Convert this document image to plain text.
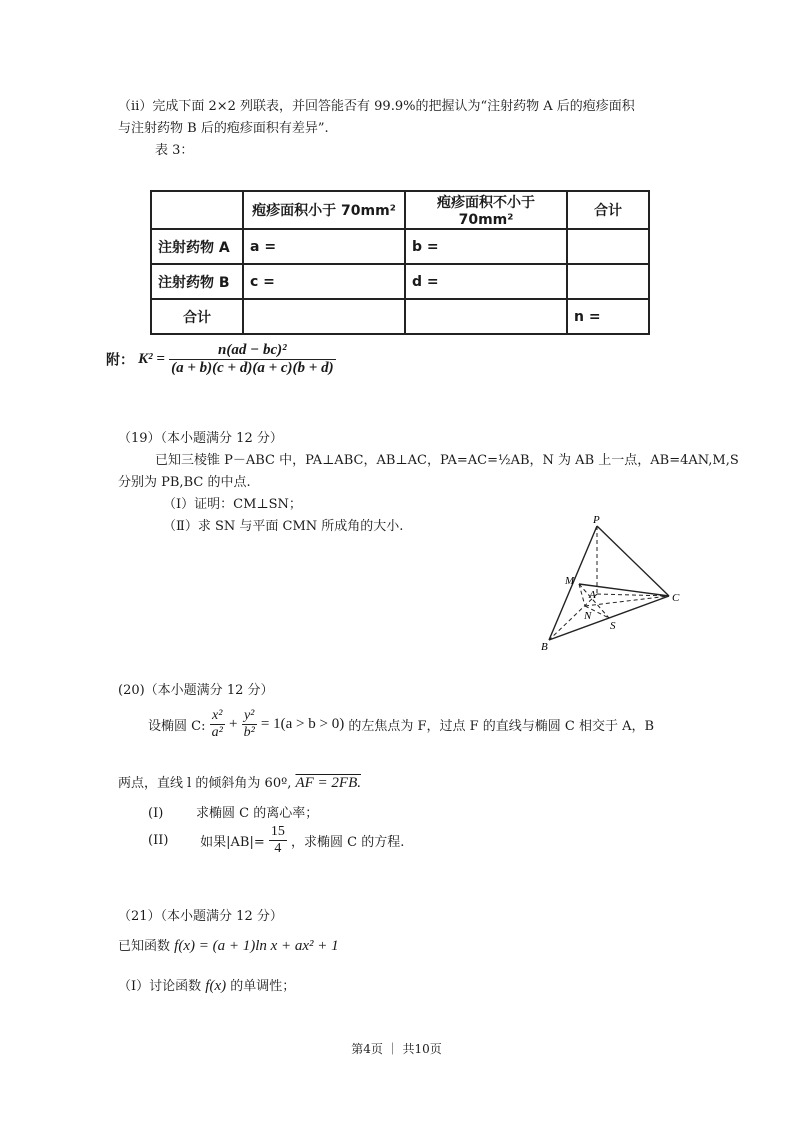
（ⅱ）完成下面 2×2 列联表，并回答能否有 99.9%的把握认为“注射药物 A 后的疱疹面积
与注射药物 B 后的疱疹面积有差异”.
表 3：
	疱疹面积小于 70mm²	疱疹面积不小于 70mm²	合计
注射药物 A	a =	b =	
注射药物 B	c =	d =	
合计			n =
附： $K^2 = \frac{\text{n(ad − bc)²}}{(a + b)(c + d)(a + c)(b + d)}$
（19）（本小题满分 12 分）
已知三棱锥 P－ABC 中，PA⊥ABC，AB⊥AC，PA=AC=½AB，N 为 AB 上一点，AB=4AN,M,S
分别为 PB,BC 的中点.
（Ⅰ）证明：CM⊥SN；
（Ⅱ）求 SN 与平面 CMN 所成角的大小.	P
M
A	C
N
S
B
(20)（本小题满分 12 分）
设椭圆 C: $\frac{\text{x²}}{\text{a²}} + \frac{\text{y²}}{\text{b²}} = 1(a > b > 0)$ 的左焦点为 F，过点 F 的直线与椭圆 C 相交于 A，B
两点，直线 l 的倾斜角为 60º, AF = 2FB.
(I)	求椭圆 C 的离心率；
(II) 如果$|AB|= \frac{15}{4}$ ，求椭圆 C 的方程.
（21）（本小题满分 12 分）
已知函数 f(x) = (a + 1)ln x + ax² + 1
（I）讨论函数 f(x) 的单调性；
第4页 ｜ 共10页
